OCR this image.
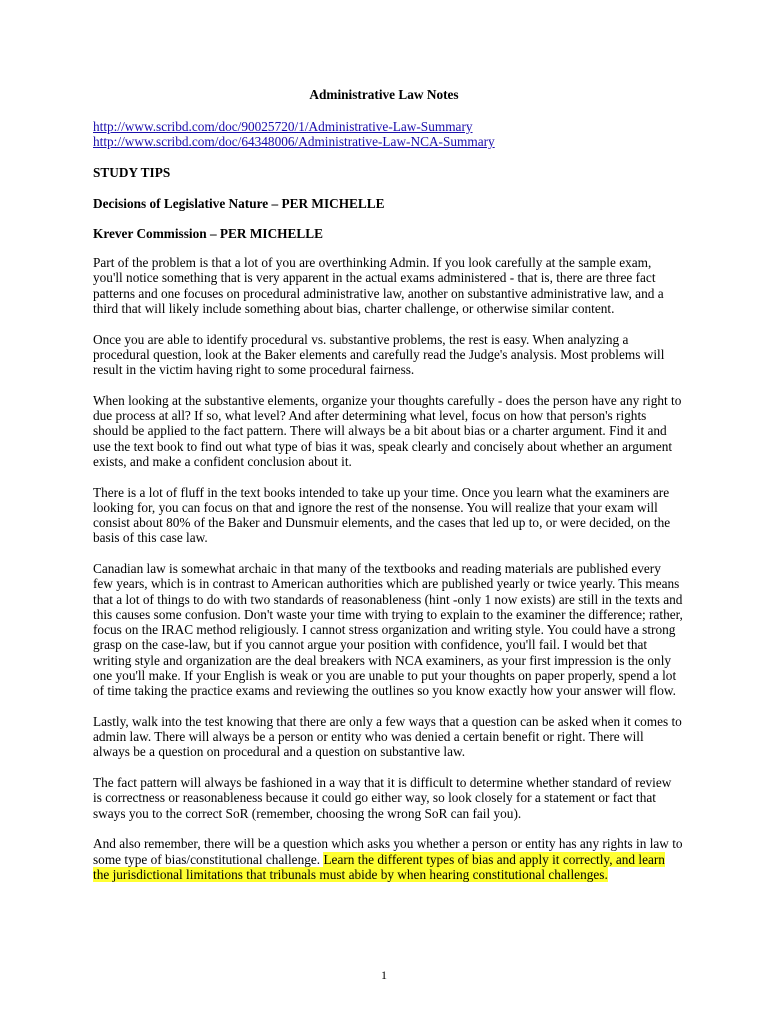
Administrative Law Notes
http://www.scribd.com/doc/90025720/1/Administrative-Law-Summary
http://www.scribd.com/doc/64348006/Administrative-Law-NCA-Summary
STUDY TIPS
Decisions of Legislative Nature – PER MICHELLE
Krever Commission – PER MICHELLE

Part of the problem is that a lot of you are overthinking Admin. If you look carefully at the sample exam, you'll notice something that is very apparent in the actual exams administered - that is, there are three fact patterns and one focuses on procedural administrative law, another on substantive administrative law, and a third that will likely include something about bias, charter challenge, or otherwise similar content.

Once you are able to identify procedural vs. substantive problems, the rest is easy. When analyzing a procedural question, look at the Baker elements and carefully read the Judge's analysis. Most problems will result in the victim having right to some procedural fairness.

When looking at the substantive elements, organize your thoughts carefully - does the person have any right to due process at all? If so, what level? And after determining what level, focus on how that person's rights should be applied to the fact pattern. There will always be a bit about bias or a charter argument. Find it and use the text book to find out what type of bias it was, speak clearly and concisely about whether an argument exists, and make a confident conclusion about it.

There is a lot of fluff in the text books intended to take up your time. Once you learn what the examiners are looking for, you can focus on that and ignore the rest of the nonsense. You will realize that your exam will consist about 80% of the Baker and Dunsmuir elements, and the cases that led up to, or were decided, on the basis of this case law.

Canadian law is somewhat archaic in that many of the textbooks and reading materials are published every few years, which is in contrast to American authorities which are published yearly or twice yearly. This means that a lot of things to do with two standards of reasonableness (hint -only 1 now exists) are still in the texts and this causes some confusion. Don't waste your time with trying to explain to the examiner the difference; rather, focus on the IRAC method religiously. I cannot stress organization and writing style. You could have a strong grasp on the case-law, but if you cannot argue your position with confidence, you'll fail. I would bet that writing style and organization are the deal breakers with NCA examiners, as your first impression is the only one you'll make. If your English is weak or you are unable to put your thoughts on paper properly, spend a lot of time taking the practice exams and reviewing the outlines so you know exactly how your answer will flow.

Lastly, walk into the test knowing that there are only a few ways that a question can be asked when it comes to admin law. There will always be a person or entity who was denied a certain benefit or right. There will always be a question on procedural and a question on substantive law.

The fact pattern will always be fashioned in a way that it is difficult to determine whether standard of review is correctness or reasonableness because it could go either way, so look closely for a statement or fact that sways you to the correct SoR (remember, choosing the wrong SoR can fail you).

And also remember, there will be a question which asks you whether a person or entity has any rights in law to some type of bias/constitutional challenge. Learn the different types of bias and apply it correctly, and learn the jurisdictional limitations that tribunals must abide by when hearing constitutional challenges.

1
